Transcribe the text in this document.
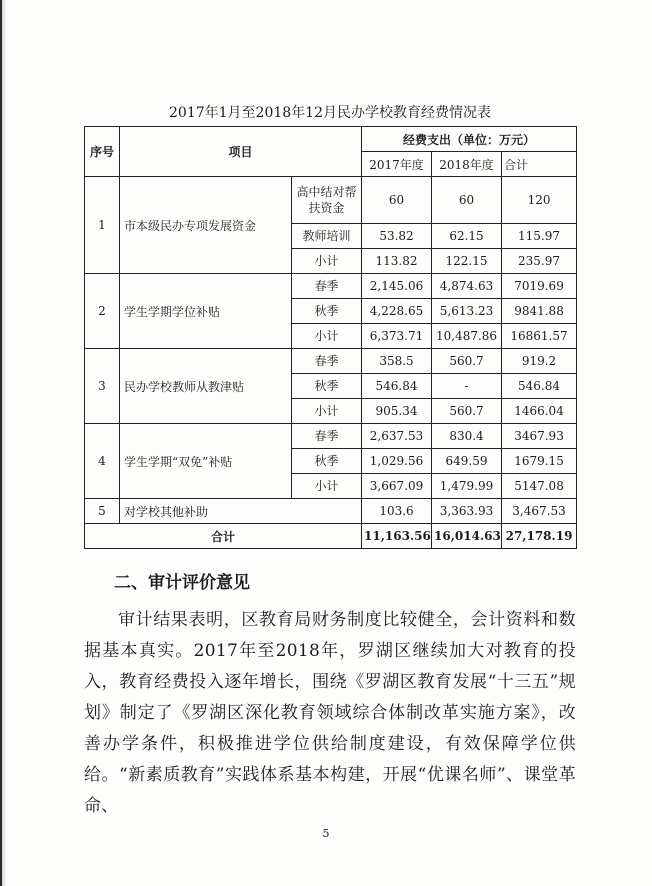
2017年1月至2018年12月民办学校教育经费情况表
序号	项目		经费支出（单位：万元）		
			2017年度	2018年度	合计
1	市本级民办专项发展资金	高中结对帮扶资金	60	60	120
		教师培训	53.82	62.15	115.97
		小计	113.82	122.15	235.97
2	学生学期学位补贴	春季	2,145.06	4,874.63	7019.69
		秋季	4,228.65	5,613.23	9841.88
		小计	6,373.71	10,487.86	16861.57
3	民办学校教师从教津贴	春季	358.5	560.7	919.2
		秋季	546.84	-	546.84
		小计	905.34	560.7	1466.04
4	学生学期“双免”补贴	春季	2,637.53	830.4	3467.93
		秋季	1,029.56	649.59	1679.15
		小计	3,667.09	1,479.99	5147.08
5	对学校其他补助		103.6	3,363.93	3,467.53
合计			11,163.56	16,014.63	27,178.19
二、审计评价意见

审计结果表明，区教育局财务制度比较健全，会计资料和数据基本真实。2017年至2018年，罗湖区继续加大对教育的投入，教育经费投入逐年增长，围绕《罗湖区教育发展“十三五”规划》制定了《罗湖区深化教育领域综合体制改革实施方案》，改善办学条件，积极推进学位供给制度建设，有效保障学位供给。“新素质教育”实践体系基本构建，开展“优课名师”、课堂革命、

5
